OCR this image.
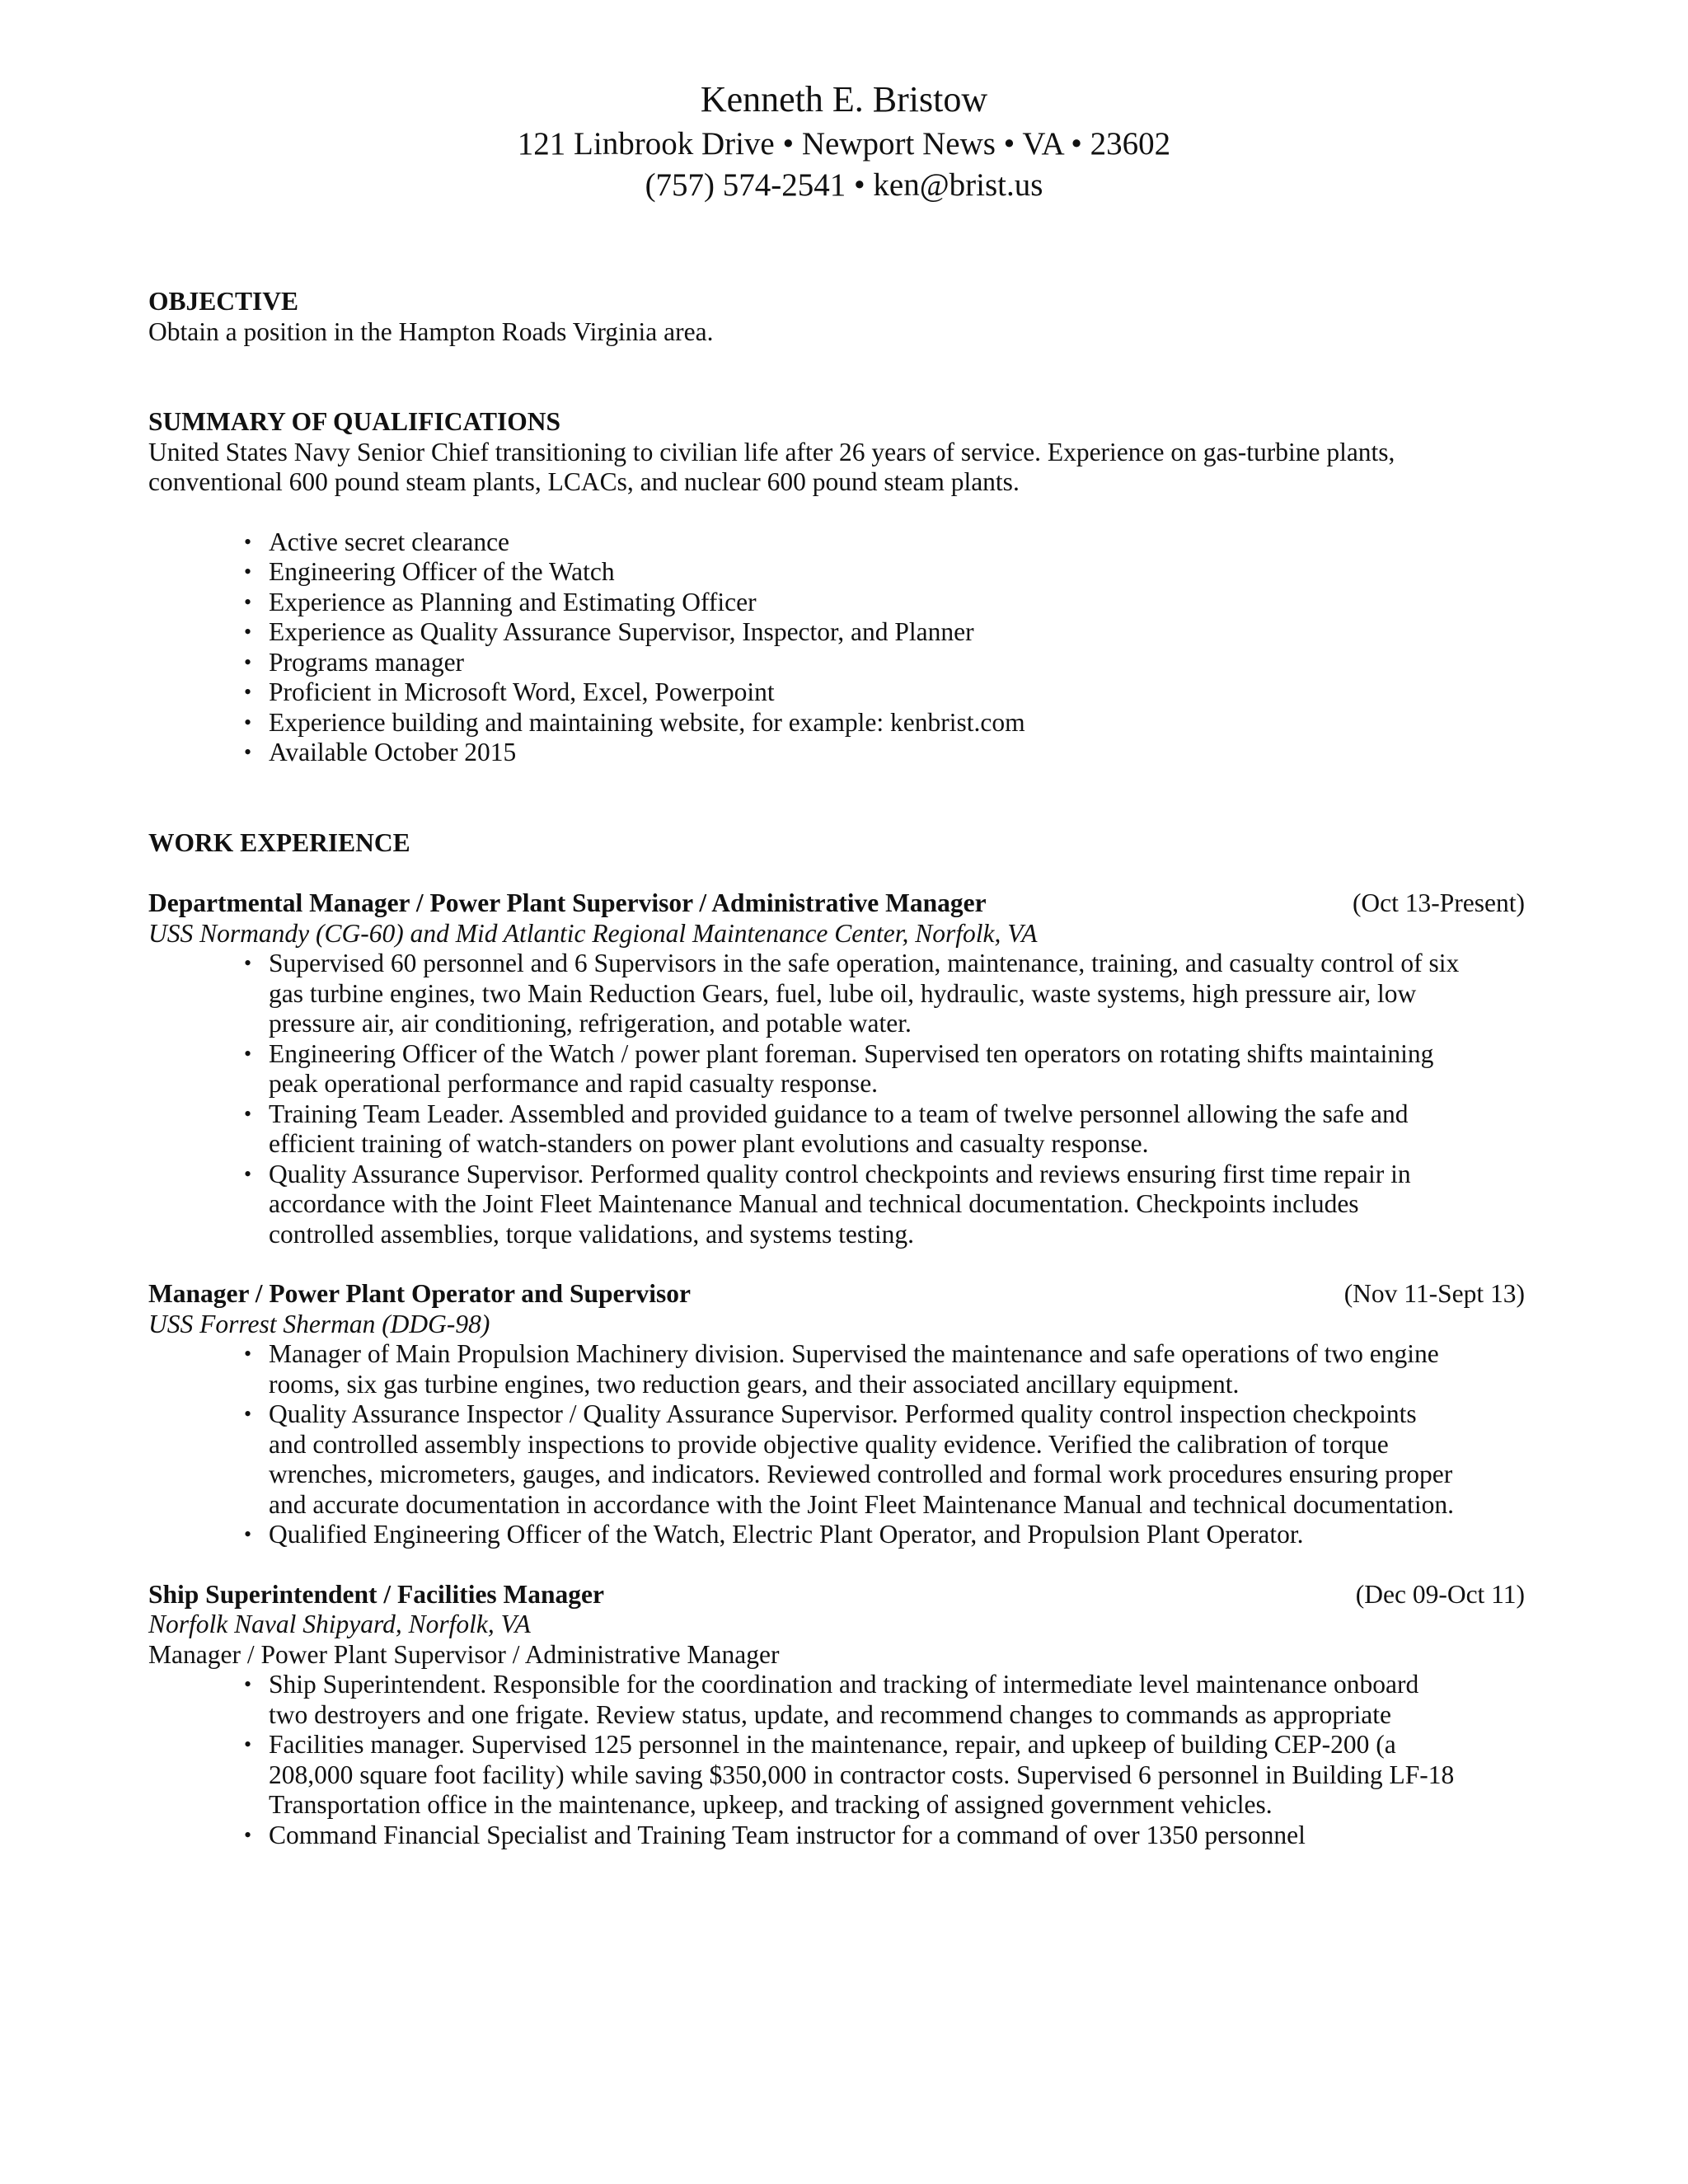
Kenneth E. Bristow
121 Linbrook Drive • Newport News • VA • 23602
(757) 574-2541 • ken@brist.us
OBJECTIVE
Obtain a position in the Hampton Roads Virginia area.
SUMMARY OF QUALIFICATIONS
United States Navy Senior Chief transitioning to civilian life after 26 years of service. Experience on gas-turbine plants,
conventional 600 pound steam plants, LCACs, and nuclear 600 pound steam plants.
• Active secret clearance
• Engineering Officer of the Watch
• Experience as Planning and Estimating Officer
• Experience as Quality Assurance Supervisor, Inspector, and Planner
• Programs manager
• Proficient in Microsoft Word, Excel, Powerpoint
• Experience building and maintaining website, for example: kenbrist.com
• Available October 2015
WORK EXPERIENCE
Departmental Manager / Power Plant Supervisor / Administrative Manager	(Oct 13-Present)
USS Normandy (CG-60) and Mid Atlantic Regional Maintenance Center, Norfolk, VA
• Supervised 60 personnel and 6 Supervisors in the safe operation, maintenance, training, and casualty control of six
gas turbine engines, two Main Reduction Gears, fuel, lube oil, hydraulic, waste systems, high pressure air, low
pressure air, air conditioning, refrigeration, and potable water.
• Engineering Officer of the Watch / power plant foreman. Supervised ten operators on rotating shifts maintaining
peak operational performance and rapid casualty response.
• Training Team Leader. Assembled and provided guidance to a team of twelve personnel allowing the safe and
efficient training of watch-standers on power plant evolutions and casualty response.
• Quality Assurance Supervisor. Performed quality control checkpoints and reviews ensuring first time repair in
accordance with the Joint Fleet Maintenance Manual and technical documentation. Checkpoints includes
controlled assemblies, torque validations, and systems testing.
Manager / Power Plant Operator and Supervisor	(Nov 11-Sept 13)
USS Forrest Sherman (DDG-98)
• Manager of Main Propulsion Machinery division. Supervised the maintenance and safe operations of two engine
rooms, six gas turbine engines, two reduction gears, and their associated ancillary equipment.
• Quality Assurance Inspector / Quality Assurance Supervisor. Performed quality control inspection checkpoints
and controlled assembly inspections to provide objective quality evidence. Verified the calibration of torque
wrenches, micrometers, gauges, and indicators. Reviewed controlled and formal work procedures ensuring proper
and accurate documentation in accordance with the Joint Fleet Maintenance Manual and technical documentation.
• Qualified Engineering Officer of the Watch, Electric Plant Operator, and Propulsion Plant Operator.
Ship Superintendent / Facilities Manager	(Dec 09-Oct 11)
Norfolk Naval Shipyard, Norfolk, VA
Manager / Power Plant Supervisor / Administrative Manager
• Ship Superintendent. Responsible for the coordination and tracking of intermediate level maintenance onboard
two destroyers and one frigate. Review status, update, and recommend changes to commands as appropriate
• Facilities manager. Supervised 125 personnel in the maintenance, repair, and upkeep of building CEP-200 (a
208,000 square foot facility) while saving $350,000 in contractor costs. Supervised 6 personnel in Building LF-18
Transportation office in the maintenance, upkeep, and tracking of assigned government vehicles.
• Command Financial Specialist and Training Team instructor for a command of over 1350 personnel
